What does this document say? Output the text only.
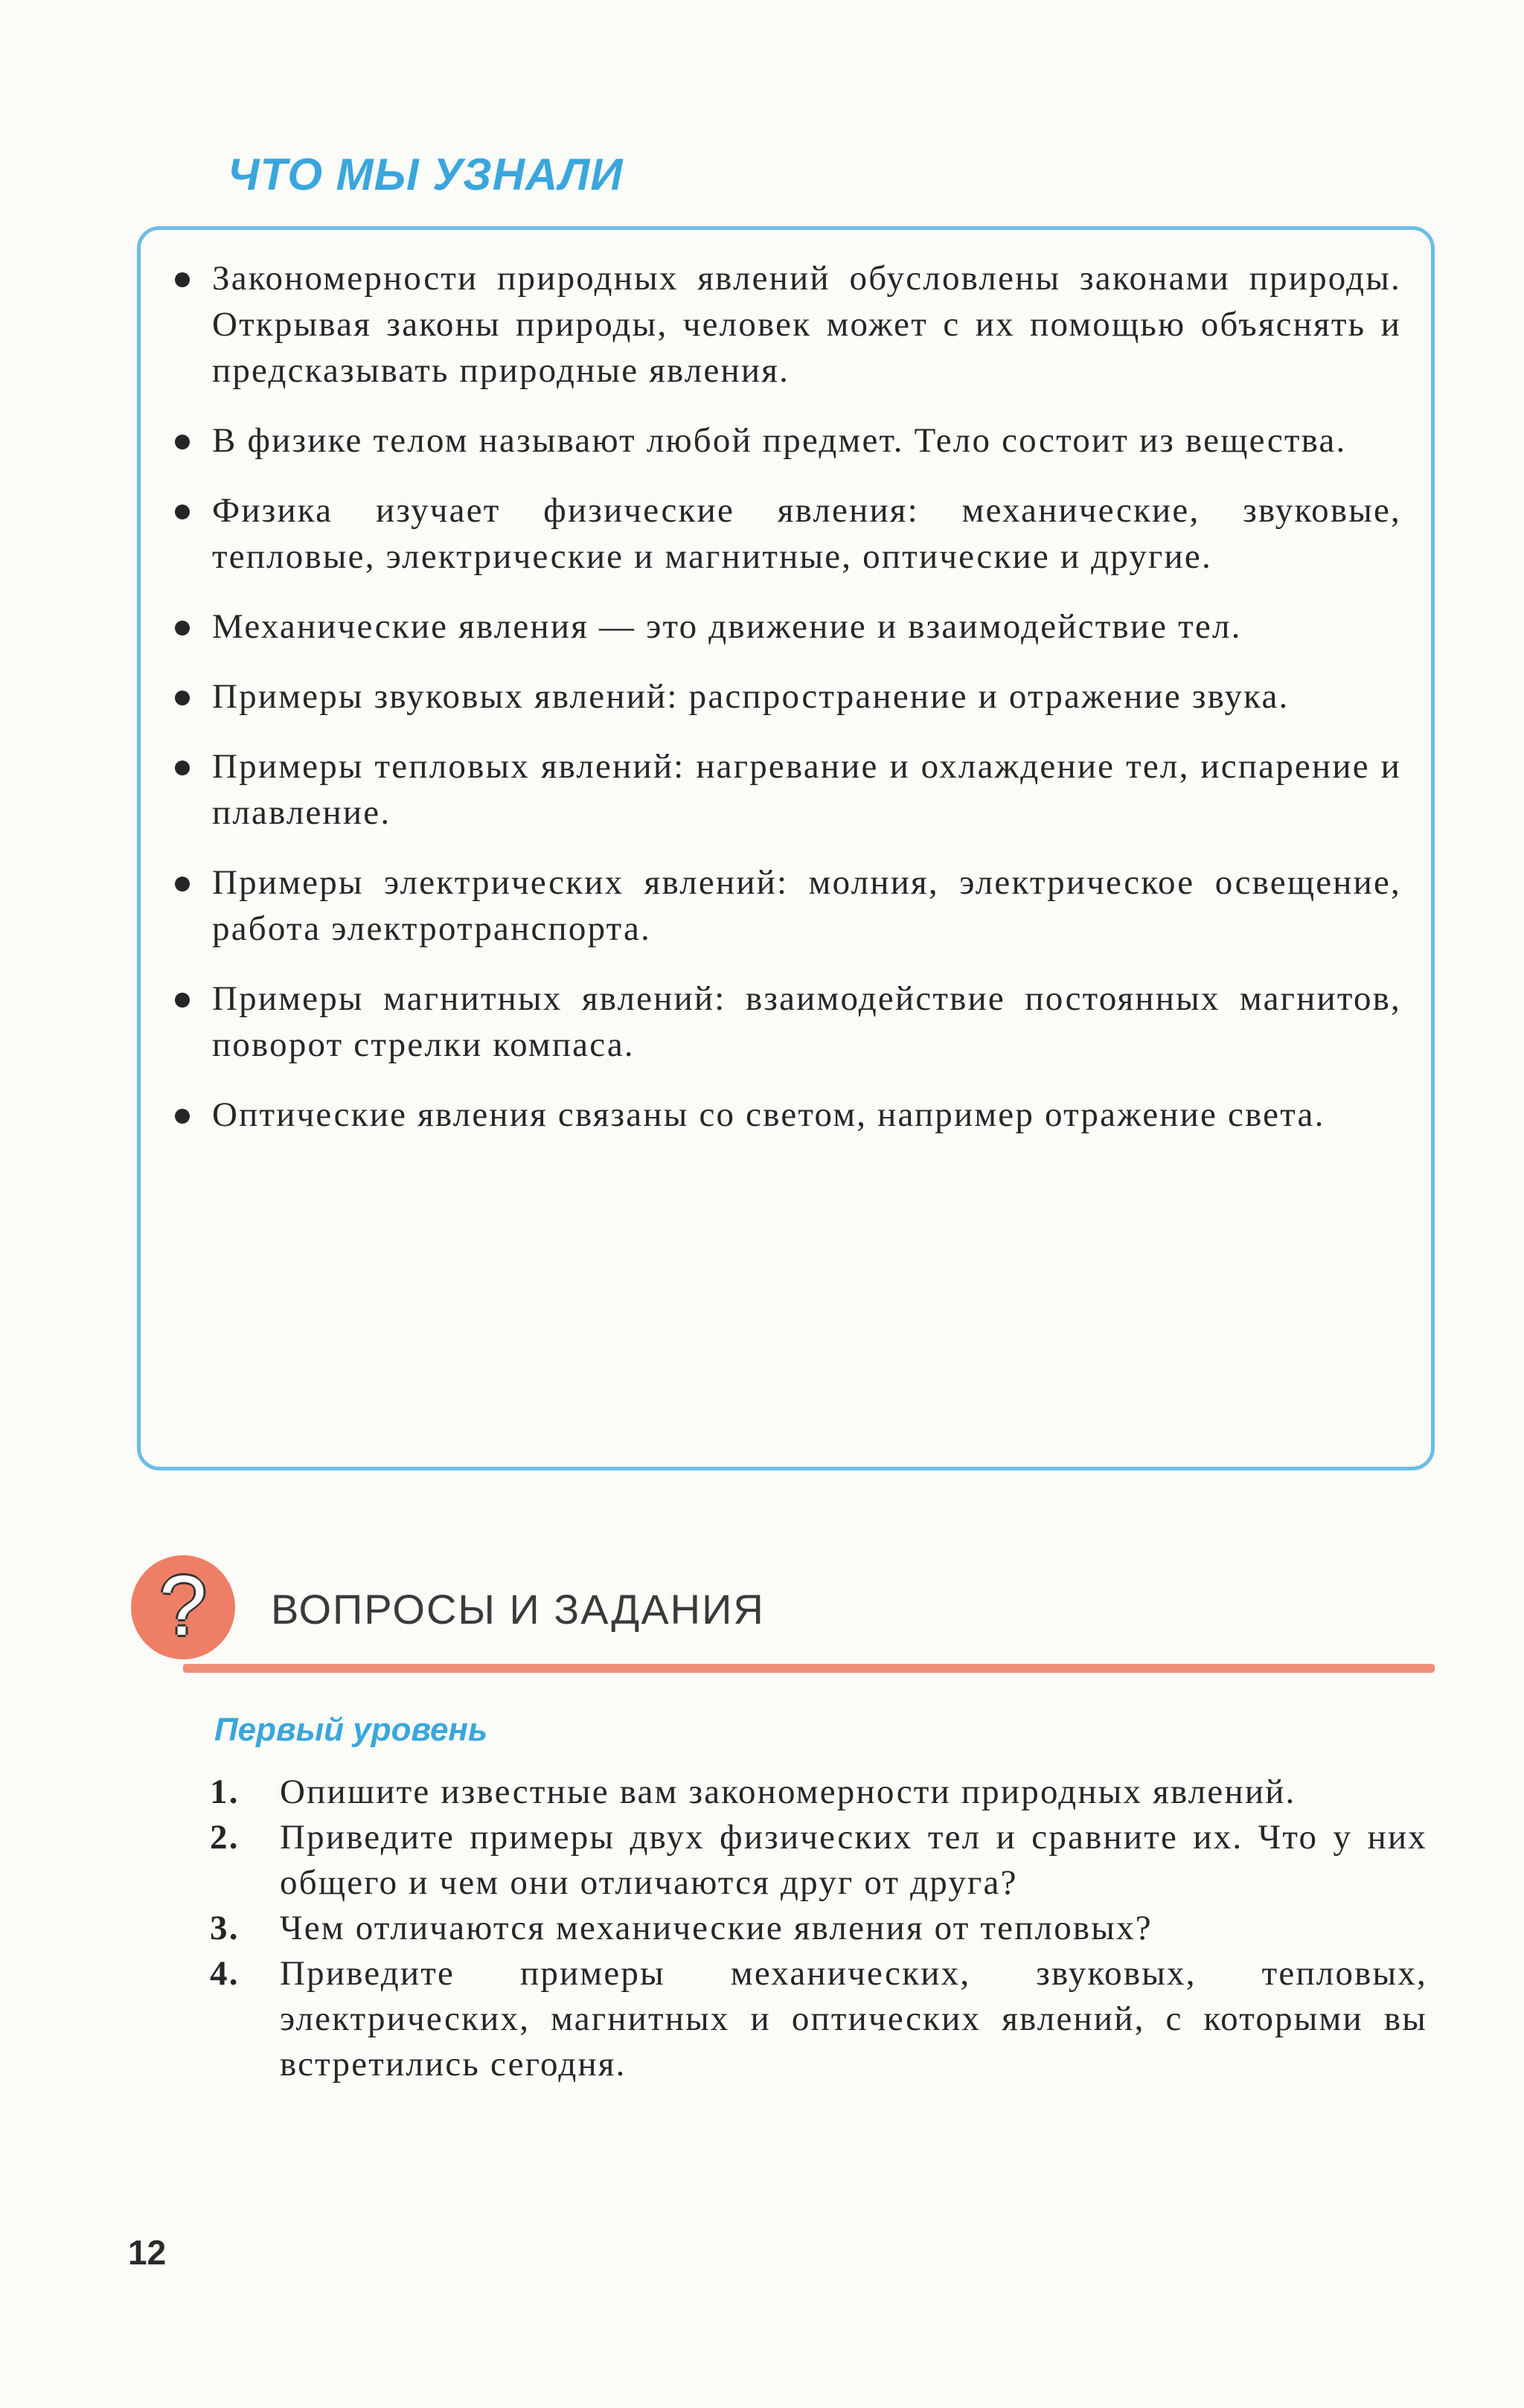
ЧТО МЫ УЗНАЛИ
Закономерности природных явлений обусловлены законами природы. Открывая законы природы, человек может с их помощью объяснять и предсказывать природные явления.
В физике телом называют любой предмет. Тело состоит из вещества.
Физика изучает физические явления: механические, звуковые, тепловые, электрические и магнитные, оптические и другие.
Механические явления — это движение и взаимодействие тел.
Примеры звуковых явлений: распространение и отражение звука.
Примеры тепловых явлений: нагревание и охлаждение тел, испарение и плавление.
Примеры электрических явлений: молния, электрическое освещение, работа электротранспорта.
Примеры магнитных явлений: взаимодействие постоянных магнитов, поворот стрелки компаса.
Оптические явления связаны со светом, например отражение света.
?	ВОПРОСЫ И ЗАДАНИЯ
Первый уровень
1. Опишите известные вам закономерности природных явлений.
2. Приведите примеры двух физических тел и сравните их. Что у них общего и чем они отличаются друг от друга?
3. Чем отличаются механические явления от тепловых?
4. Приведите примеры механических, звуковых, тепловых, электрических, магнитных и оптических явлений, с которыми вы встретились сегодня.
12
